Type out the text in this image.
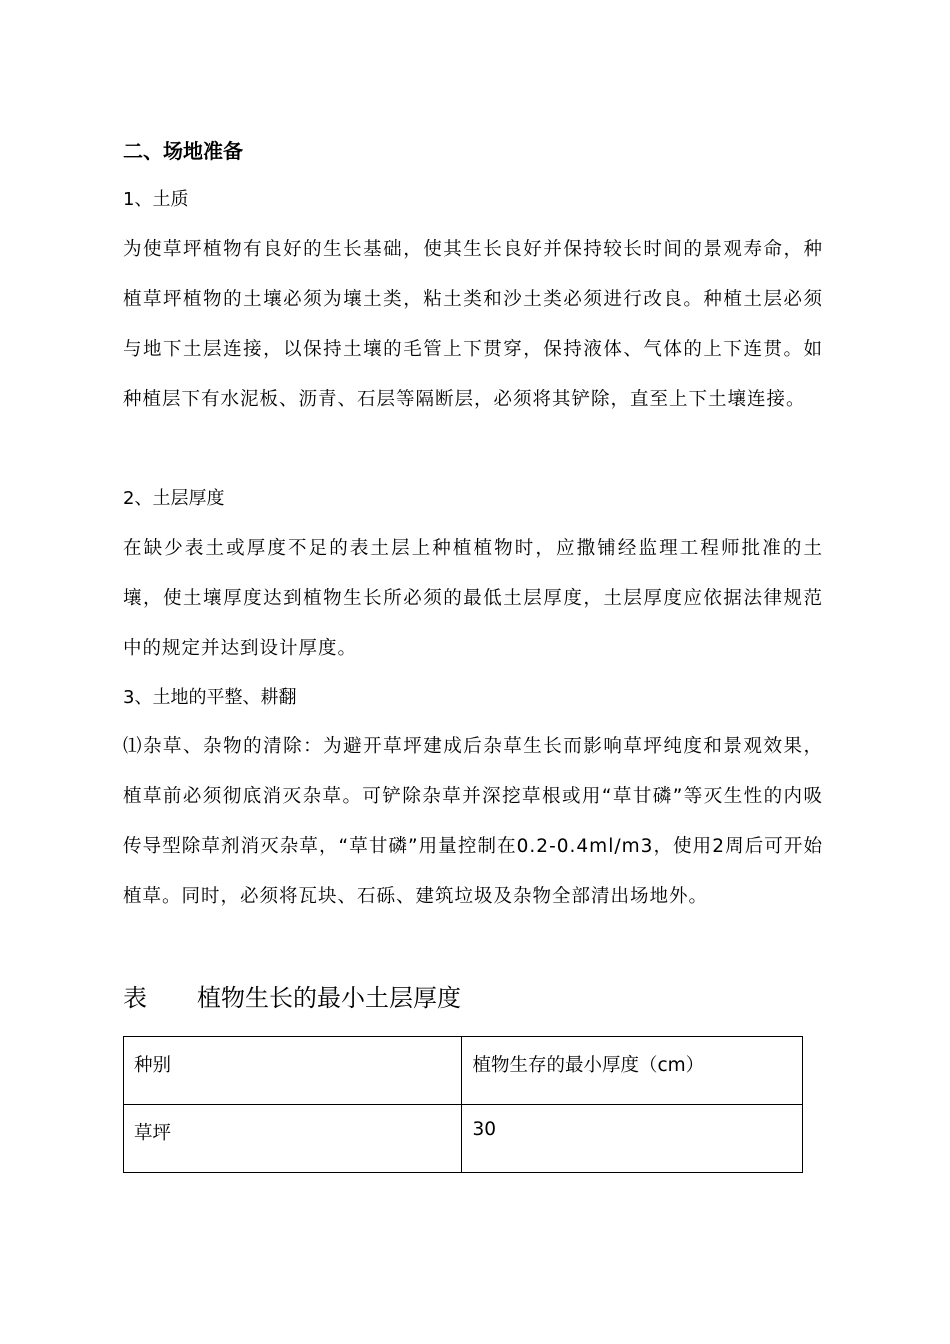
二、场地准备
1、土质
为使草坪植物有良好的生长基础，使其生长良好并保持较长时间的景观寿命，种植草坪植物的土壤必须为壤土类，粘土类和沙土类必须进行改良。种植土层必须与地下土层连接，以保持土壤的毛管上下贯穿，保持液体、气体的上下连贯。如种植层下有水泥板、沥青、石层等隔断层，必须将其铲除，直至上下土壤连接。
2、土层厚度
在缺少表土或厚度不足的表土层上种植植物时，应撒铺经监理工程师批准的土壤，使土壤厚度达到植物生长所必须的最低土层厚度，土层厚度应依据法律规范中的规定并达到设计厚度。
3、土地的平整、耕翻
⑴杂草、杂物的清除：为避开草坪建成后杂草生长而影响草坪纯度和景观效果，植草前必须彻底消灭杂草。可铲除杂草并深挖草根或用“草甘磷”等灭生性的内吸传导型除草剂消灭杂草，“草甘磷”用量控制在0.2-0.4ml/m3，使用2周后可开始植草。同时，必须将瓦块、石砾、建筑垃圾及杂物全部清出场地外。
表 植物生长的最小土层厚度
种别	植物生存的最小厚度（cm）
草坪	30
